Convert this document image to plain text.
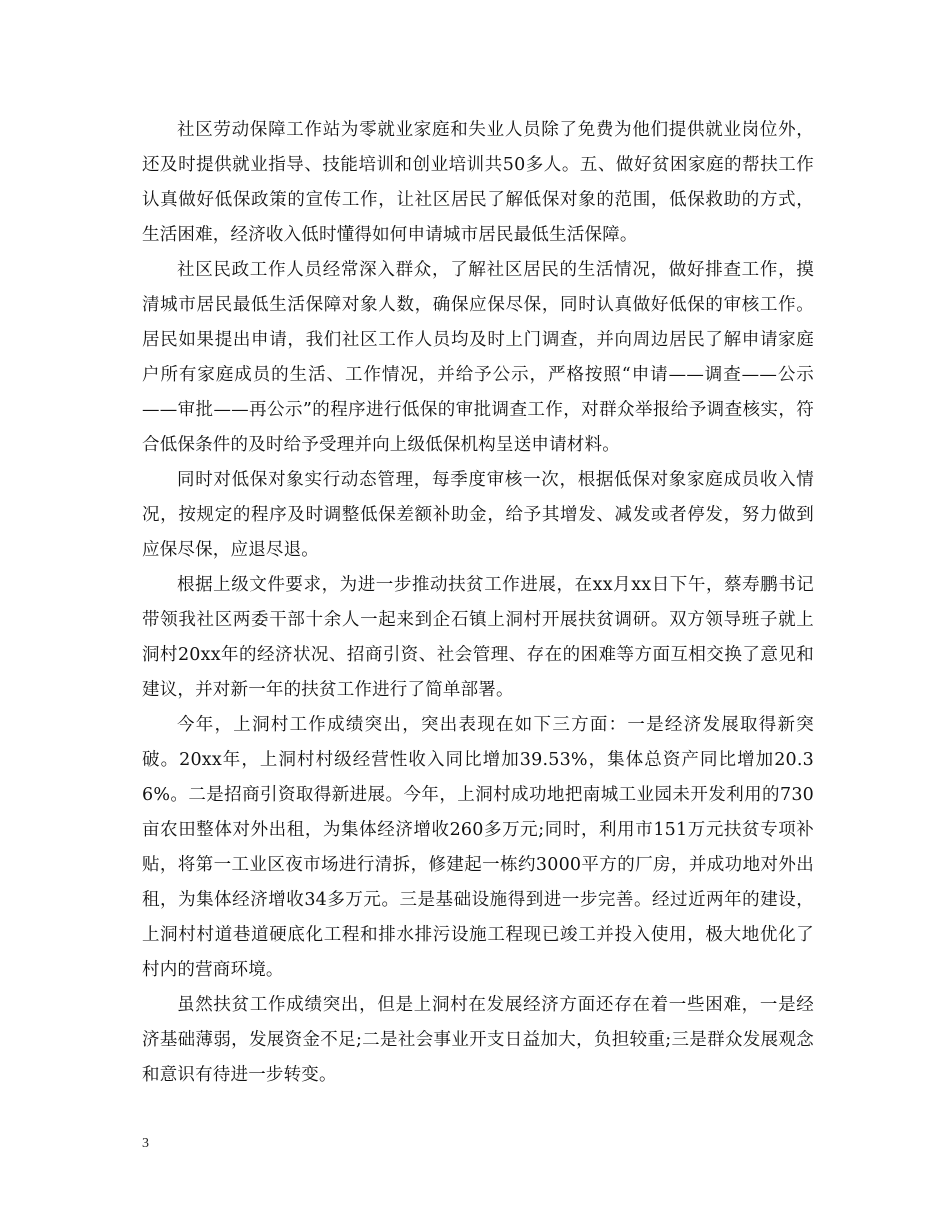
社区劳动保障工作站为零就业家庭和失业人员除了免费为他们提供就业岗位外，还及时提供就业指导、技能培训和创业培训共50多人。五、做好贫困家庭的帮扶工作认真做好低保政策的宣传工作，让社区居民了解低保对象的范围，低保救助的方式，生活困难，经济收入低时懂得如何申请城市居民最低生活保障。

社区民政工作人员经常深入群众，了解社区居民的生活情况，做好排查工作，摸清城市居民最低生活保障对象人数，确保应保尽保，同时认真做好低保的审核工作。居民如果提出申请，我们社区工作人员均及时上门调查，并向周边居民了解申请家庭户所有家庭成员的生活、工作情况，并给予公示，严格按照“申请——调查——公示——审批——再公示”的程序进行低保的审批调查工作，对群众举报给予调查核实，符合低保条件的及时给予受理并向上级低保机构呈送申请材料。

同时对低保对象实行动态管理，每季度审核一次，根据低保对象家庭成员收入情况，按规定的程序及时调整低保差额补助金，给予其增发、减发或者停发，努力做到应保尽保，应退尽退。

根据上级文件要求，为进一步推动扶贫工作进展，在xx月xx日下午，蔡寿鹏书记带领我社区两委干部十余人一起来到企石镇上洞村开展扶贫调研。双方领导班子就上洞村20xx年的经济状况、招商引资、社会管理、存在的困难等方面互相交换了意见和建议，并对新一年的扶贫工作进行了简单部署。

今年，上洞村工作成绩突出，突出表现在如下三方面：一是经济发展取得新突破。20xx年，上洞村村级经营性收入同比增加39.53%，集体总资产同比增加20.36%。二是招商引资取得新进展。今年，上洞村成功地把南城工业园未开发利用的730亩农田整体对外出租，为集体经济增收260多万元;同时，利用市151万元扶贫专项补贴，将第一工业区夜市场进行清拆，修建起一栋约3000平方的厂房，并成功地对外出租，为集体经济增收34多万元。三是基础设施得到进一步完善。经过近两年的建设，上洞村村道巷道硬底化工程和排水排污设施工程现已竣工并投入使用，极大地优化了村内的营商环境。

虽然扶贫工作成绩突出，但是上洞村在发展经济方面还存在着一些困难，一是经济基础薄弱，发展资金不足;二是社会事业开支日益加大，负担较重;三是群众发展观念和意识有待进一步转变。

3
